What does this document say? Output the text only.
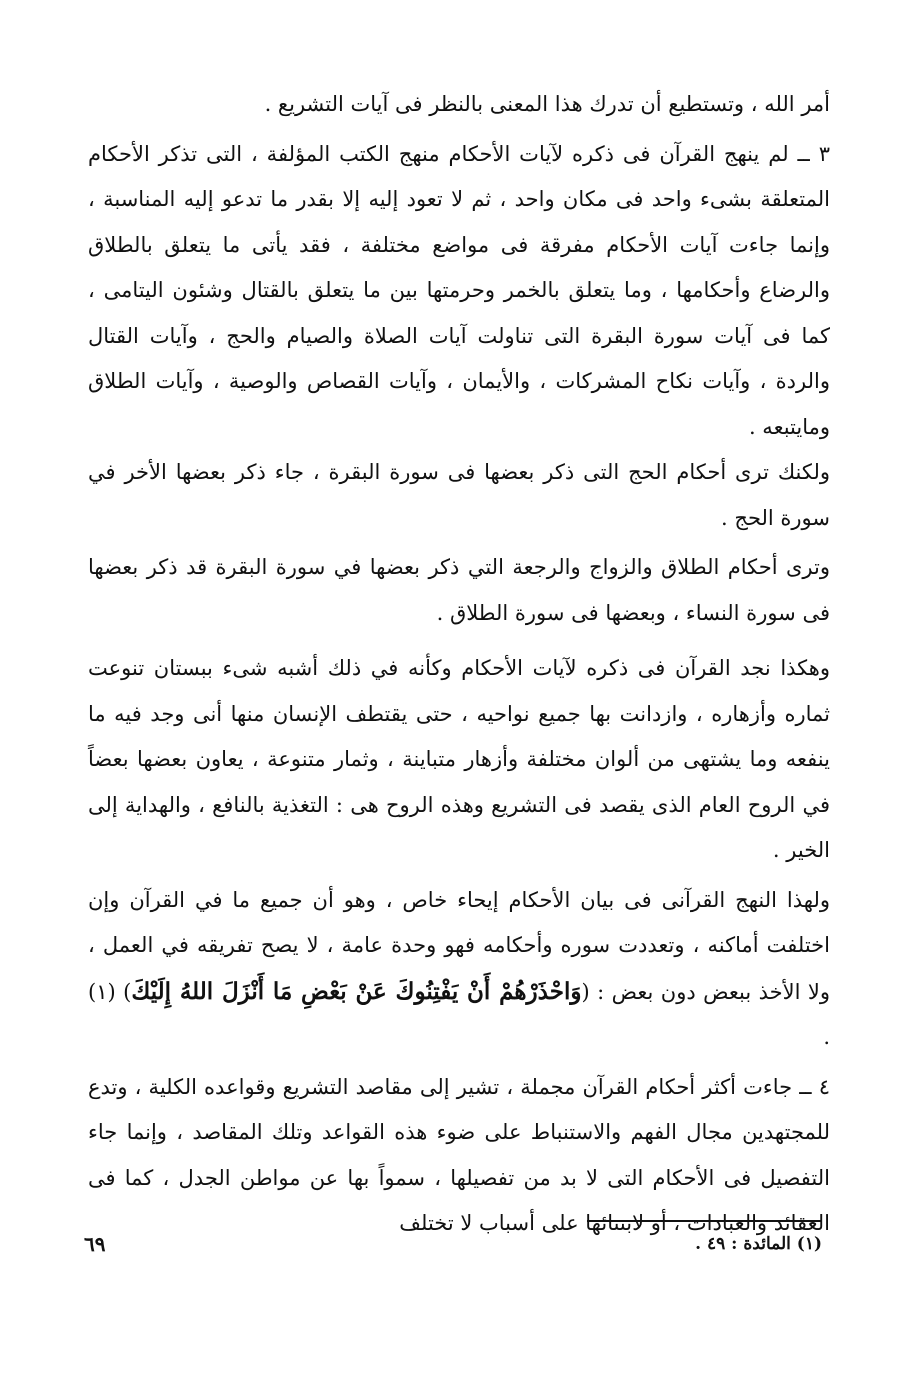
أمر الله ، وتستطيع أن تدرك هذا المعنى بالنظر فى آيات التشريع .

٣ ــ لم ينهج القرآن فى ذكره لآيات الأحكام منهج الكتب المؤلفة ، التى تذكر الأحكام المتعلقة بشىء واحد فى مكان واحد ، ثم لا تعود إليه إلا بقدر ما تدعو إليه المناسبة ، وإنما جاءت آيات الأحكام مفرقة فى مواضع مختلفة ، فقد يأتى ما يتعلق بالطلاق والرضاع وأحكامها ، وما يتعلق بالخمر وحرمتها بين ما يتعلق بالقتال وشئون اليتامى ، كما فى آيات سورة البقرة التى تناولت آيات الصلاة والصيام والحج ، وآيات القتال والردة ، وآيات نكاح المشركات ، والأيمان ، وآيات القصاص والوصية ، وآيات الطلاق ومايتبعه .

ولكنك ترى أحكام الحج التى ذكر بعضها فى سورة البقرة ، جاء ذكر بعضها الأخر في سورة الحج .

وترى أحكام الطلاق والزواج والرجعة التي ذكر بعضها في سورة البقرة قد ذكر بعضها فى سورة النساء ، وبعضها فى سورة الطلاق .

وهكذا نجد القرآن فى ذكره لآيات الأحكام وكأنه في ذلك أشبه شىء ببستان تنوعت ثماره وأزهاره ، وازدانت بها جميع نواحيه ، حتى يقتطف الإنسان منها أنى وجد فيه ما ينفعه وما يشتهى من ألوان مختلفة وأزهار متباينة ، وثمار متنوعة ، يعاون بعضها بعضاً في الروح العام الذى يقصد فى التشريع وهذه الروح هى : التغذية بالنافع ، والهداية إلى الخير .

ولهذا النهج القرآنى فى بيان الأحكام إيحاء خاص ، وهو أن جميع ما في القرآن وإن اختلفت أماكنه ، وتعددت سوره وأحكامه فهو وحدة عامة ، لا يصح تفريقه في العمل ، ولا الأخذ ببعض دون بعض : (وَاحْذَرْهُمْ أَنْ يَفْتِنُوكَ عَنْ بَعْضِ مَا أَنْزَلَ اللهُ إِلَيْكَ) (١) .

٤ ــ جاءت أكثر أحكام القرآن مجملة ، تشير إلى مقاصد التشريع وقواعده الكلية ، وتدع للمجتهدين مجال الفهم والاستنباط على ضوء هذه القواعد وتلك المقاصد ، وإنما جاء التفصيل فى الأحكام التى لا بد من تفصيلها ، سمواً بها عن مواطن الجدل ، كما فى العقائد والعبادات ، أو لابتنائها على أسباب لا تختلف

(١) المائدة : ٤٩ .
٦٩
